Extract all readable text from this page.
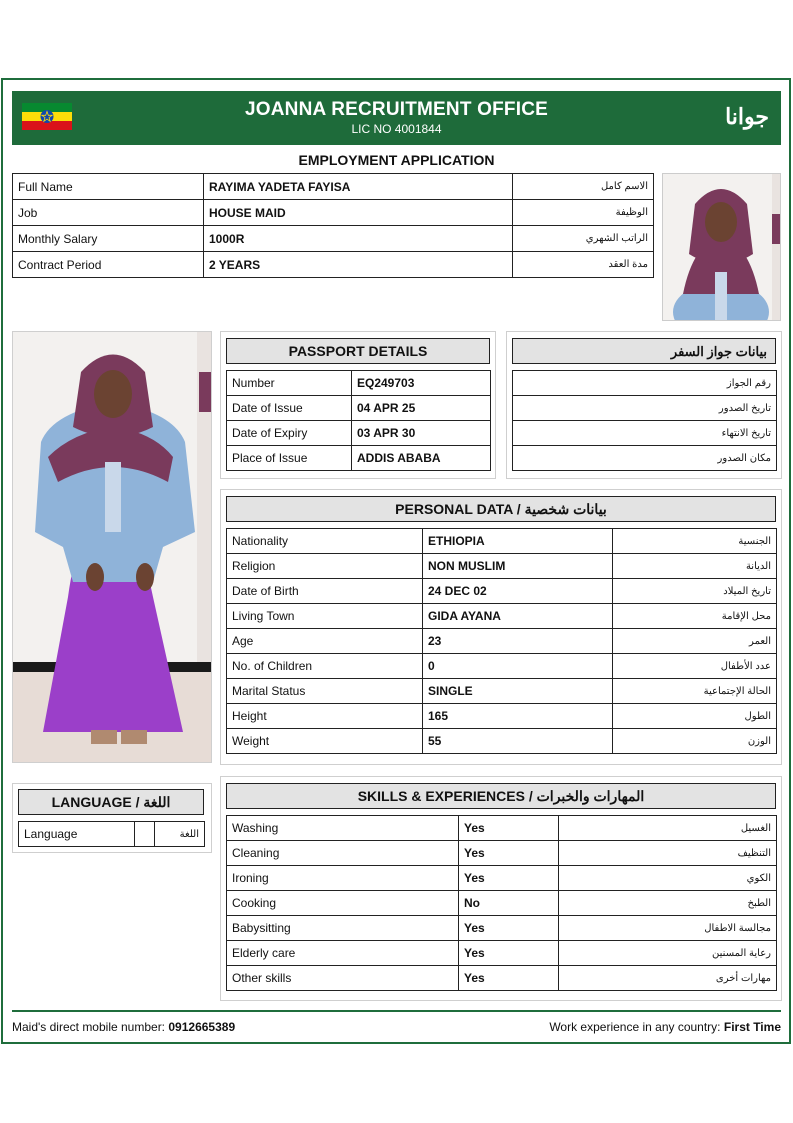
JOANNA RECRUITMENT OFFICE
LIC NO 4001844	جوانا
EMPLOYMENT APPLICATION
Full Name	RAYIMA YADETA FAYISA	الاسم كامل
Job	HOUSE MAID	الوظيفة
Monthly Salary	1000R	الراتب الشهري
Contract Period	2 YEARS	مدة العقد
PASSPORT DETAILS	بيانات جواز السفر
Number	EQ249703
Date of Issue	04 APR 25
Date of Expiry	03 APR 30
Place of Issue	ADDIS ABABA
رقم الجواز
تاريخ الصدور
تاريخ الانتهاء
مكان الصدور
PERSONAL DATA / بيانات شخصية
Nationality	ETHIOPIA	الجنسية
Religion	NON MUSLIM	الديانة
Date of Birth	24 DEC 02	تاريخ الميلاد
Living Town	GIDA AYANA	محل الإقامة
Age	23	العمر
No. of Children	0	عدد الأطفال
Marital Status	SINGLE	الحالة الإجتماعية
Height	165	الطول
Weight	55	الوزن
LANGUAGE / اللغة
Language		اللغة
SKILLS & EXPERIENCES / المهارات والخبرات
Washing	Yes	الغسيل
Cleaning	Yes	التنظيف
Ironing	Yes	الكوي
Cooking	No	الطبخ
Babysitting	Yes	مجالسة الاطفال
Elderly care	Yes	رعاية المسنين
Other skills	Yes	مهارات أخرى
Maid's direct mobile number: 0912665389	Work experience in any country: First Time
